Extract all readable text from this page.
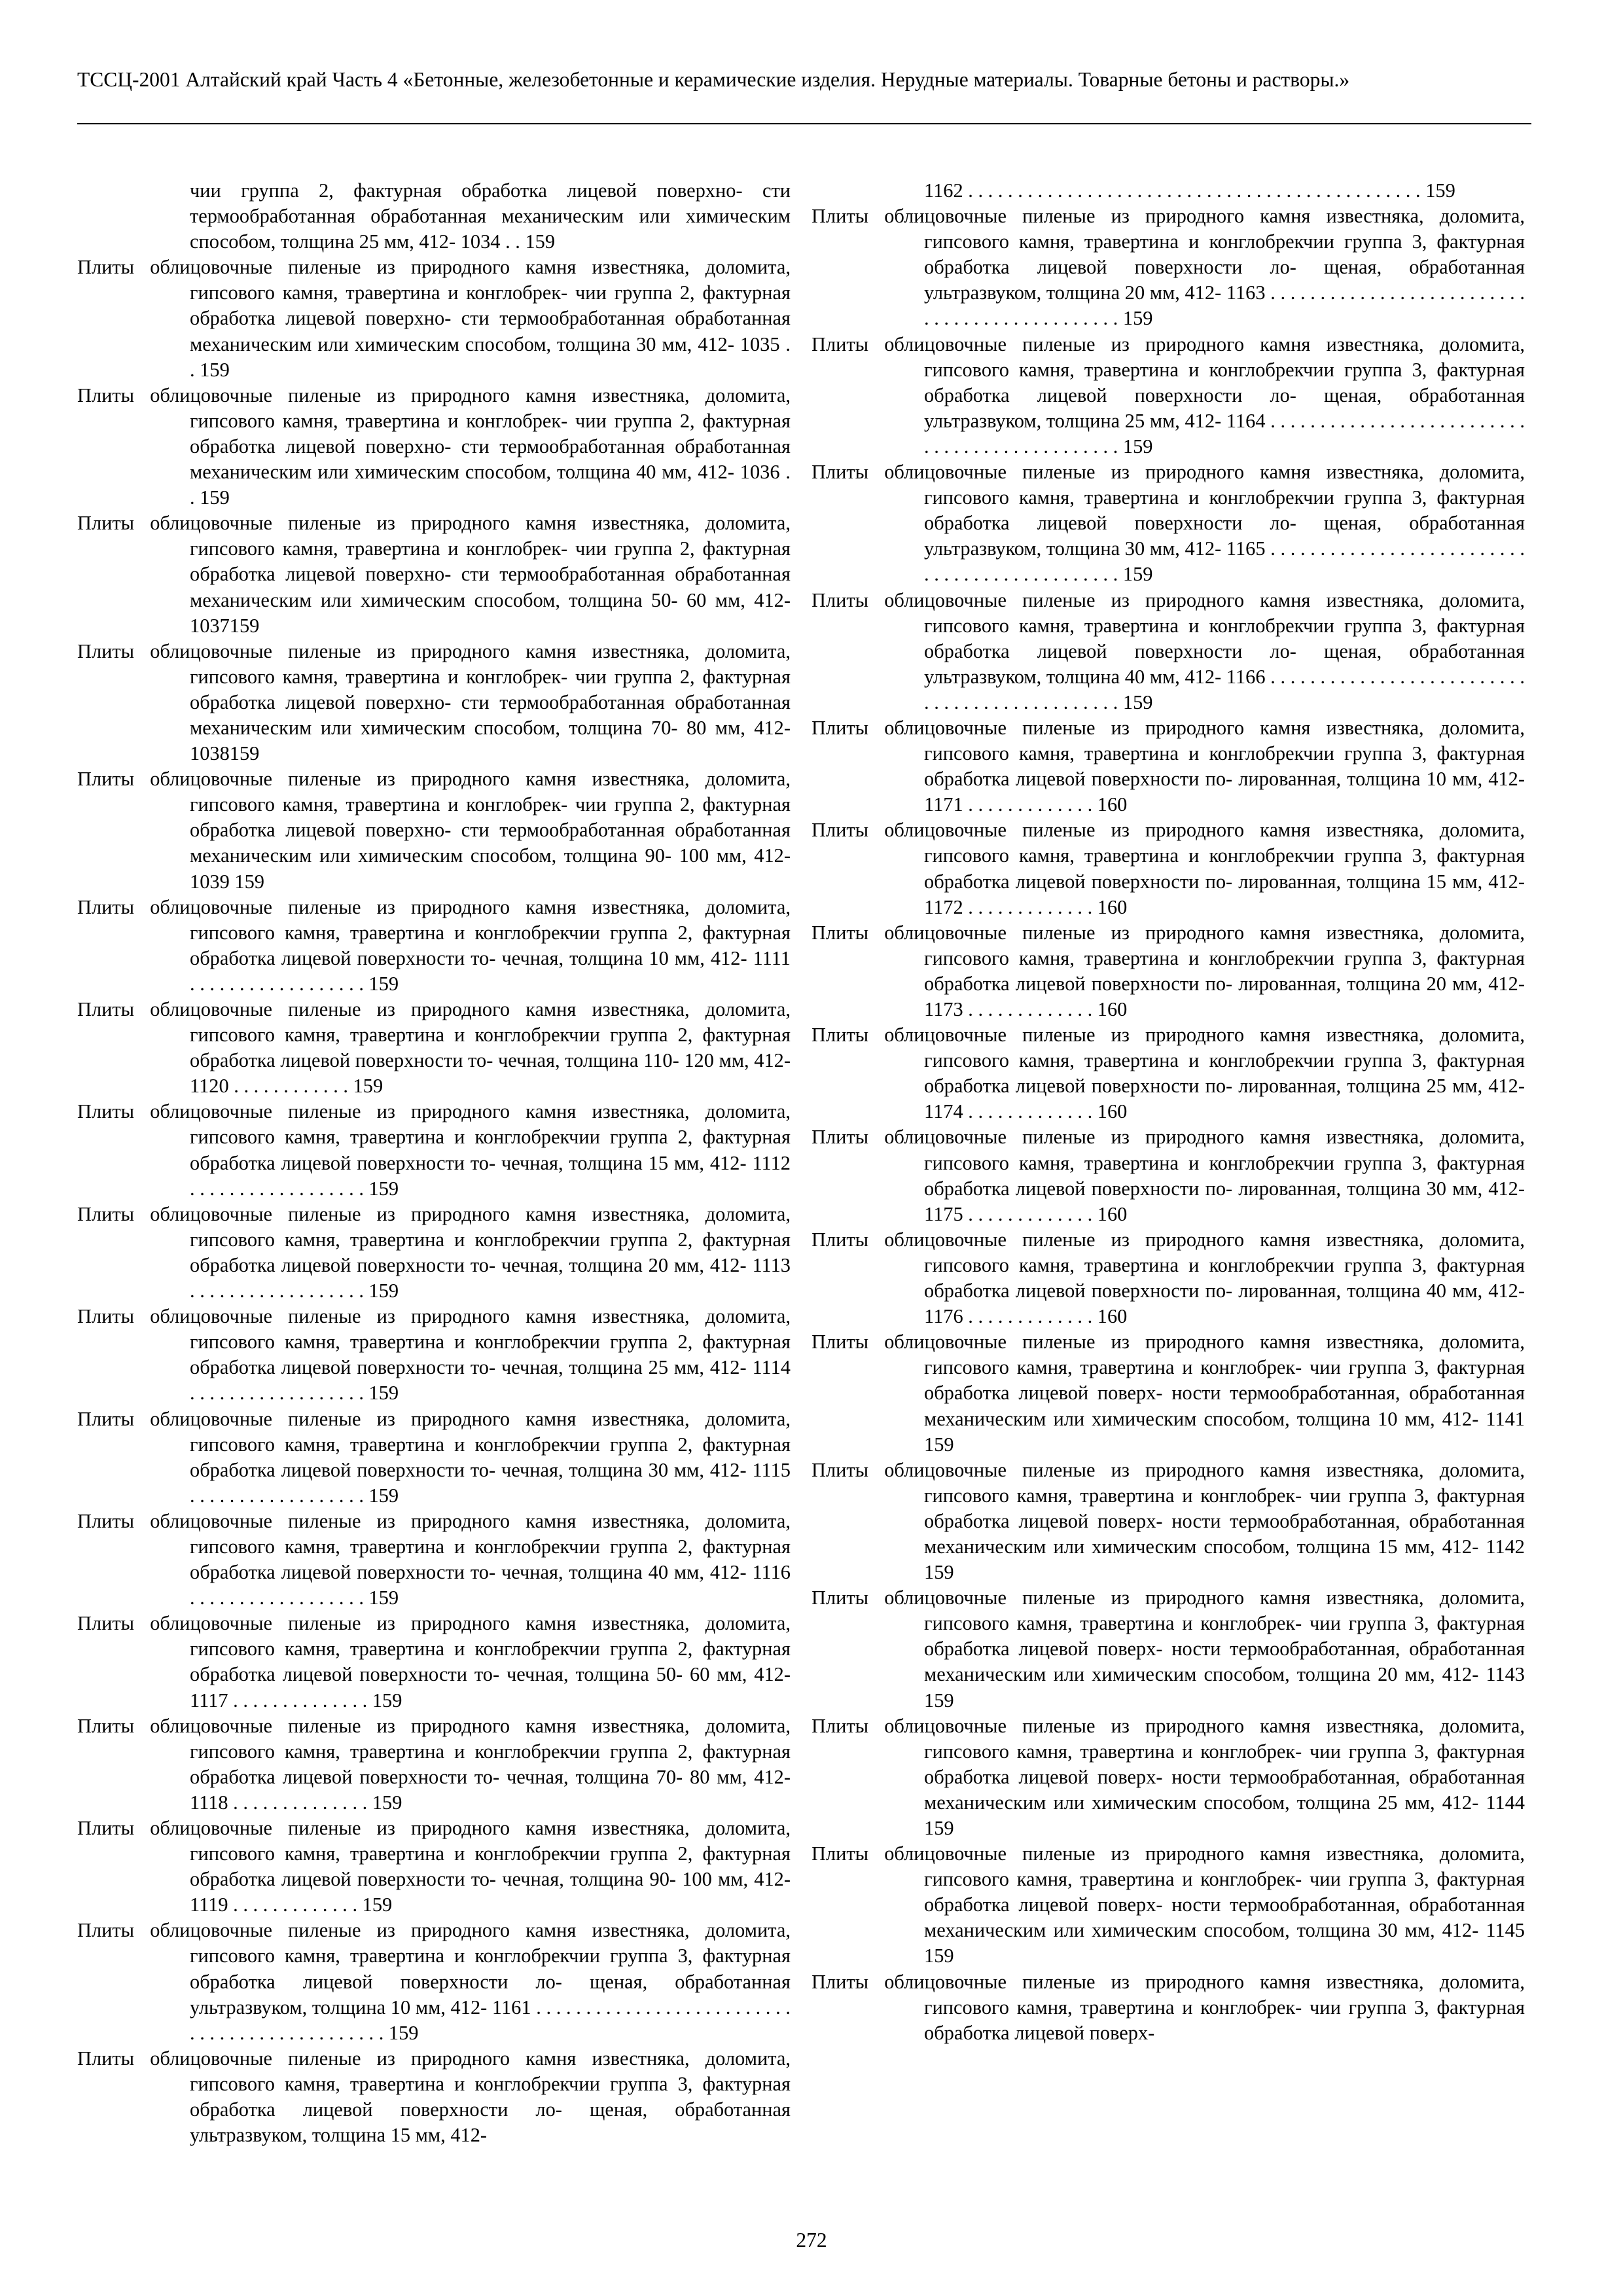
ТССЦ-2001 Алтайский край Часть 4 «Бетонные, железобетонные и керамические изделия. Нерудные материалы. Товарные бетоны и растворы.»

чии группа 2, фактурная обработка лицевой поверхно- сти термообработанная обработанная механическим или химическим способом, толщина 25 мм, 412- 1034 . . 159

Плиты облицовочные пиленые из природного камня известняка, доломита, гипсового камня, травертина и конглобрек- чии группа 2, фактурная обработка лицевой поверхно- сти термообработанная обработанная механическим или химическим способом, толщина 30 мм, 412- 1035 . . 159

Плиты облицовочные пиленые из природного камня известняка, доломита, гипсового камня, травертина и конглобрек- чии группа 2, фактурная обработка лицевой поверхно- сти термообработанная обработанная механическим или химическим способом, толщина 40 мм, 412- 1036 . . 159

Плиты облицовочные пиленые из природного камня известняка, доломита, гипсового камня, травертина и конглобрек- чии группа 2, фактурная обработка лицевой поверхно- сти термообработанная обработанная механическим или химическим способом, толщина 50- 60 мм, 412- 1037159

Плиты облицовочные пиленые из природного камня известняка, доломита, гипсового камня, травертина и конглобрек- чии группа 2, фактурная обработка лицевой поверхно- сти термообработанная обработанная механическим или химическим способом, толщина 70- 80 мм, 412- 1038159

Плиты облицовочные пиленые из природного камня известняка, доломита, гипсового камня, травертина и конглобрек- чии группа 2, фактурная обработка лицевой поверхно- сти термообработанная обработанная механическим или химическим способом, толщина 90- 100 мм, 412- 1039 159

Плиты облицовочные пиленые из природного камня известняка, доломита, гипсового камня, травертина и конглобрекчии группа 2, фактурная обработка лицевой поверхности то- чечная, толщина 10 мм, 412- 1111 . . . . . . . . . . . . . . . . . . 159

Плиты облицовочные пиленые из природного камня известняка, доломита, гипсового камня, травертина и конглобрекчии группа 2, фактурная обработка лицевой поверхности то- чечная, толщина 110- 120 мм, 412- 1120 . . . . . . . . . . . . 159

Плиты облицовочные пиленые из природного камня известняка, доломита, гипсового камня, травертина и конглобрекчии группа 2, фактурная обработка лицевой поверхности то- чечная, толщина 15 мм, 412- 1112 . . . . . . . . . . . . . . . . . . 159

Плиты облицовочные пиленые из природного камня известняка, доломита, гипсового камня, травертина и конглобрекчии группа 2, фактурная обработка лицевой поверхности то- чечная, толщина 20 мм, 412- 1113 . . . . . . . . . . . . . . . . . . 159

Плиты облицовочные пиленые из природного камня известняка, доломита, гипсового камня, травертина и конглобрекчии группа 2, фактурная обработка лицевой поверхности то- чечная, толщина 25 мм, 412- 1114 . . . . . . . . . . . . . . . . . . 159

Плиты облицовочные пиленые из природного камня известняка, доломита, гипсового камня, травертина и конглобрекчии группа 2, фактурная обработка лицевой поверхности то- чечная, толщина 30 мм, 412- 1115 . . . . . . . . . . . . . . . . . . 159

Плиты облицовочные пиленые из природного камня известняка, доломита, гипсового камня, травертина и конглобрекчии группа 2, фактурная обработка лицевой поверхности то- чечная, толщина 40 мм, 412- 1116 . . . . . . . . . . . . . . . . . . 159

Плиты облицовочные пиленые из природного камня известняка, доломита, гипсового камня, травертина и конглобрекчии группа 2, фактурная обработка лицевой поверхности то- чечная, толщина 50- 60 мм, 412- 1117 . . . . . . . . . . . . . . 159

Плиты облицовочные пиленые из природного камня известняка, доломита, гипсового камня, травертина и конглобрекчии группа 2, фактурная обработка лицевой поверхности то- чечная, толщина 70- 80 мм, 412- 1118 . . . . . . . . . . . . . . 159

Плиты облицовочные пиленые из природного камня известняка, доломита, гипсового камня, травертина и конглобрекчии группа 2, фактурная обработка лицевой поверхности то- чечная, толщина 90- 100 мм, 412- 1119 . . . . . . . . . . . . . 159

Плиты облицовочные пиленые из природного камня известняка, доломита, гипсового камня, травертина и конглобрекчии группа 3, фактурная обработка лицевой поверхности ло- щеная, обработанная ультразвуком, толщина 10 мм, 412- 1161 . . . . . . . . . . . . . . . . . . . . . . . . . . . . . . . . . . . . . . . . . . . . . . 159

Плиты облицовочные пиленые из природного камня известняка, доломита, гипсового камня, травертина и конглобрекчии группа 3, фактурная обработка лицевой поверхности ло- щеная, обработанная ультразвуком, толщина 15 мм, 412-

1162 . . . . . . . . . . . . . . . . . . . . . . . . . . . . . . . . . . . . . . . . . . . . . . 159

Плиты облицовочные пиленые из природного камня известняка, доломита, гипсового камня, травертина и конглобрекчии группа 3, фактурная обработка лицевой поверхности ло- щеная, обработанная ультразвуком, толщина 20 мм, 412- 1163 . . . . . . . . . . . . . . . . . . . . . . . . . . . . . . . . . . . . . . . . . . . . . . 159

Плиты облицовочные пиленые из природного камня известняка, доломита, гипсового камня, травертина и конглобрекчии группа 3, фактурная обработка лицевой поверхности ло- щеная, обработанная ультразвуком, толщина 25 мм, 412- 1164 . . . . . . . . . . . . . . . . . . . . . . . . . . . . . . . . . . . . . . . . . . . . . . 159

Плиты облицовочные пиленые из природного камня известняка, доломита, гипсового камня, травертина и конглобрекчии группа 3, фактурная обработка лицевой поверхности ло- щеная, обработанная ультразвуком, толщина 30 мм, 412- 1165 . . . . . . . . . . . . . . . . . . . . . . . . . . . . . . . . . . . . . . . . . . . . . . 159

Плиты облицовочные пиленые из природного камня известняка, доломита, гипсового камня, травертина и конглобрекчии группа 3, фактурная обработка лицевой поверхности ло- щеная, обработанная ультразвуком, толщина 40 мм, 412- 1166 . . . . . . . . . . . . . . . . . . . . . . . . . . . . . . . . . . . . . . . . . . . . . . 159

Плиты облицовочные пиленые из природного камня известняка, доломита, гипсового камня, травертина и конглобрекчии группа 3, фактурная обработка лицевой поверхности по- лированная, толщина 10 мм, 412- 1171 . . . . . . . . . . . . . 160

Плиты облицовочные пиленые из природного камня известняка, доломита, гипсового камня, травертина и конглобрекчии группа 3, фактурная обработка лицевой поверхности по- лированная, толщина 15 мм, 412- 1172 . . . . . . . . . . . . . 160

Плиты облицовочные пиленые из природного камня известняка, доломита, гипсового камня, травертина и конглобрекчии группа 3, фактурная обработка лицевой поверхности по- лированная, толщина 20 мм, 412- 1173 . . . . . . . . . . . . . 160

Плиты облицовочные пиленые из природного камня известняка, доломита, гипсового камня, травертина и конглобрекчии группа 3, фактурная обработка лицевой поверхности по- лированная, толщина 25 мм, 412- 1174 . . . . . . . . . . . . . 160

Плиты облицовочные пиленые из природного камня известняка, доломита, гипсового камня, травертина и конглобрекчии группа 3, фактурная обработка лицевой поверхности по- лированная, толщина 30 мм, 412- 1175 . . . . . . . . . . . . . 160

Плиты облицовочные пиленые из природного камня известняка, доломита, гипсового камня, травертина и конглобрекчии группа 3, фактурная обработка лицевой поверхности по- лированная, толщина 40 мм, 412- 1176 . . . . . . . . . . . . . 160

Плиты облицовочные пиленые из природного камня известняка, доломита, гипсового камня, травертина и конглобрек- чии группа 3, фактурная обработка лицевой поверх- ности термообработанная, обработанная механическим или химическим способом, толщина 10 мм, 412- 1141 159

Плиты облицовочные пиленые из природного камня известняка, доломита, гипсового камня, травертина и конглобрек- чии группа 3, фактурная обработка лицевой поверх- ности термообработанная, обработанная механическим или химическим способом, толщина 15 мм, 412- 1142 159

Плиты облицовочные пиленые из природного камня известняка, доломита, гипсового камня, травертина и конглобрек- чии группа 3, фактурная обработка лицевой поверх- ности термообработанная, обработанная механическим или химическим способом, толщина 20 мм, 412- 1143 159

Плиты облицовочные пиленые из природного камня известняка, доломита, гипсового камня, травертина и конглобрек- чии группа 3, фактурная обработка лицевой поверх- ности термообработанная, обработанная механическим или химическим способом, толщина 25 мм, 412- 1144 159

Плиты облицовочные пиленые из природного камня известняка, доломита, гипсового камня, травертина и конглобрек- чии группа 3, фактурная обработка лицевой поверх- ности термообработанная, обработанная механическим или химическим способом, толщина 30 мм, 412- 1145 159

Плиты облицовочные пиленые из природного камня известняка, доломита, гипсового камня, травертина и конглобрек- чии группа 3, фактурная обработка лицевой поверх-

272
